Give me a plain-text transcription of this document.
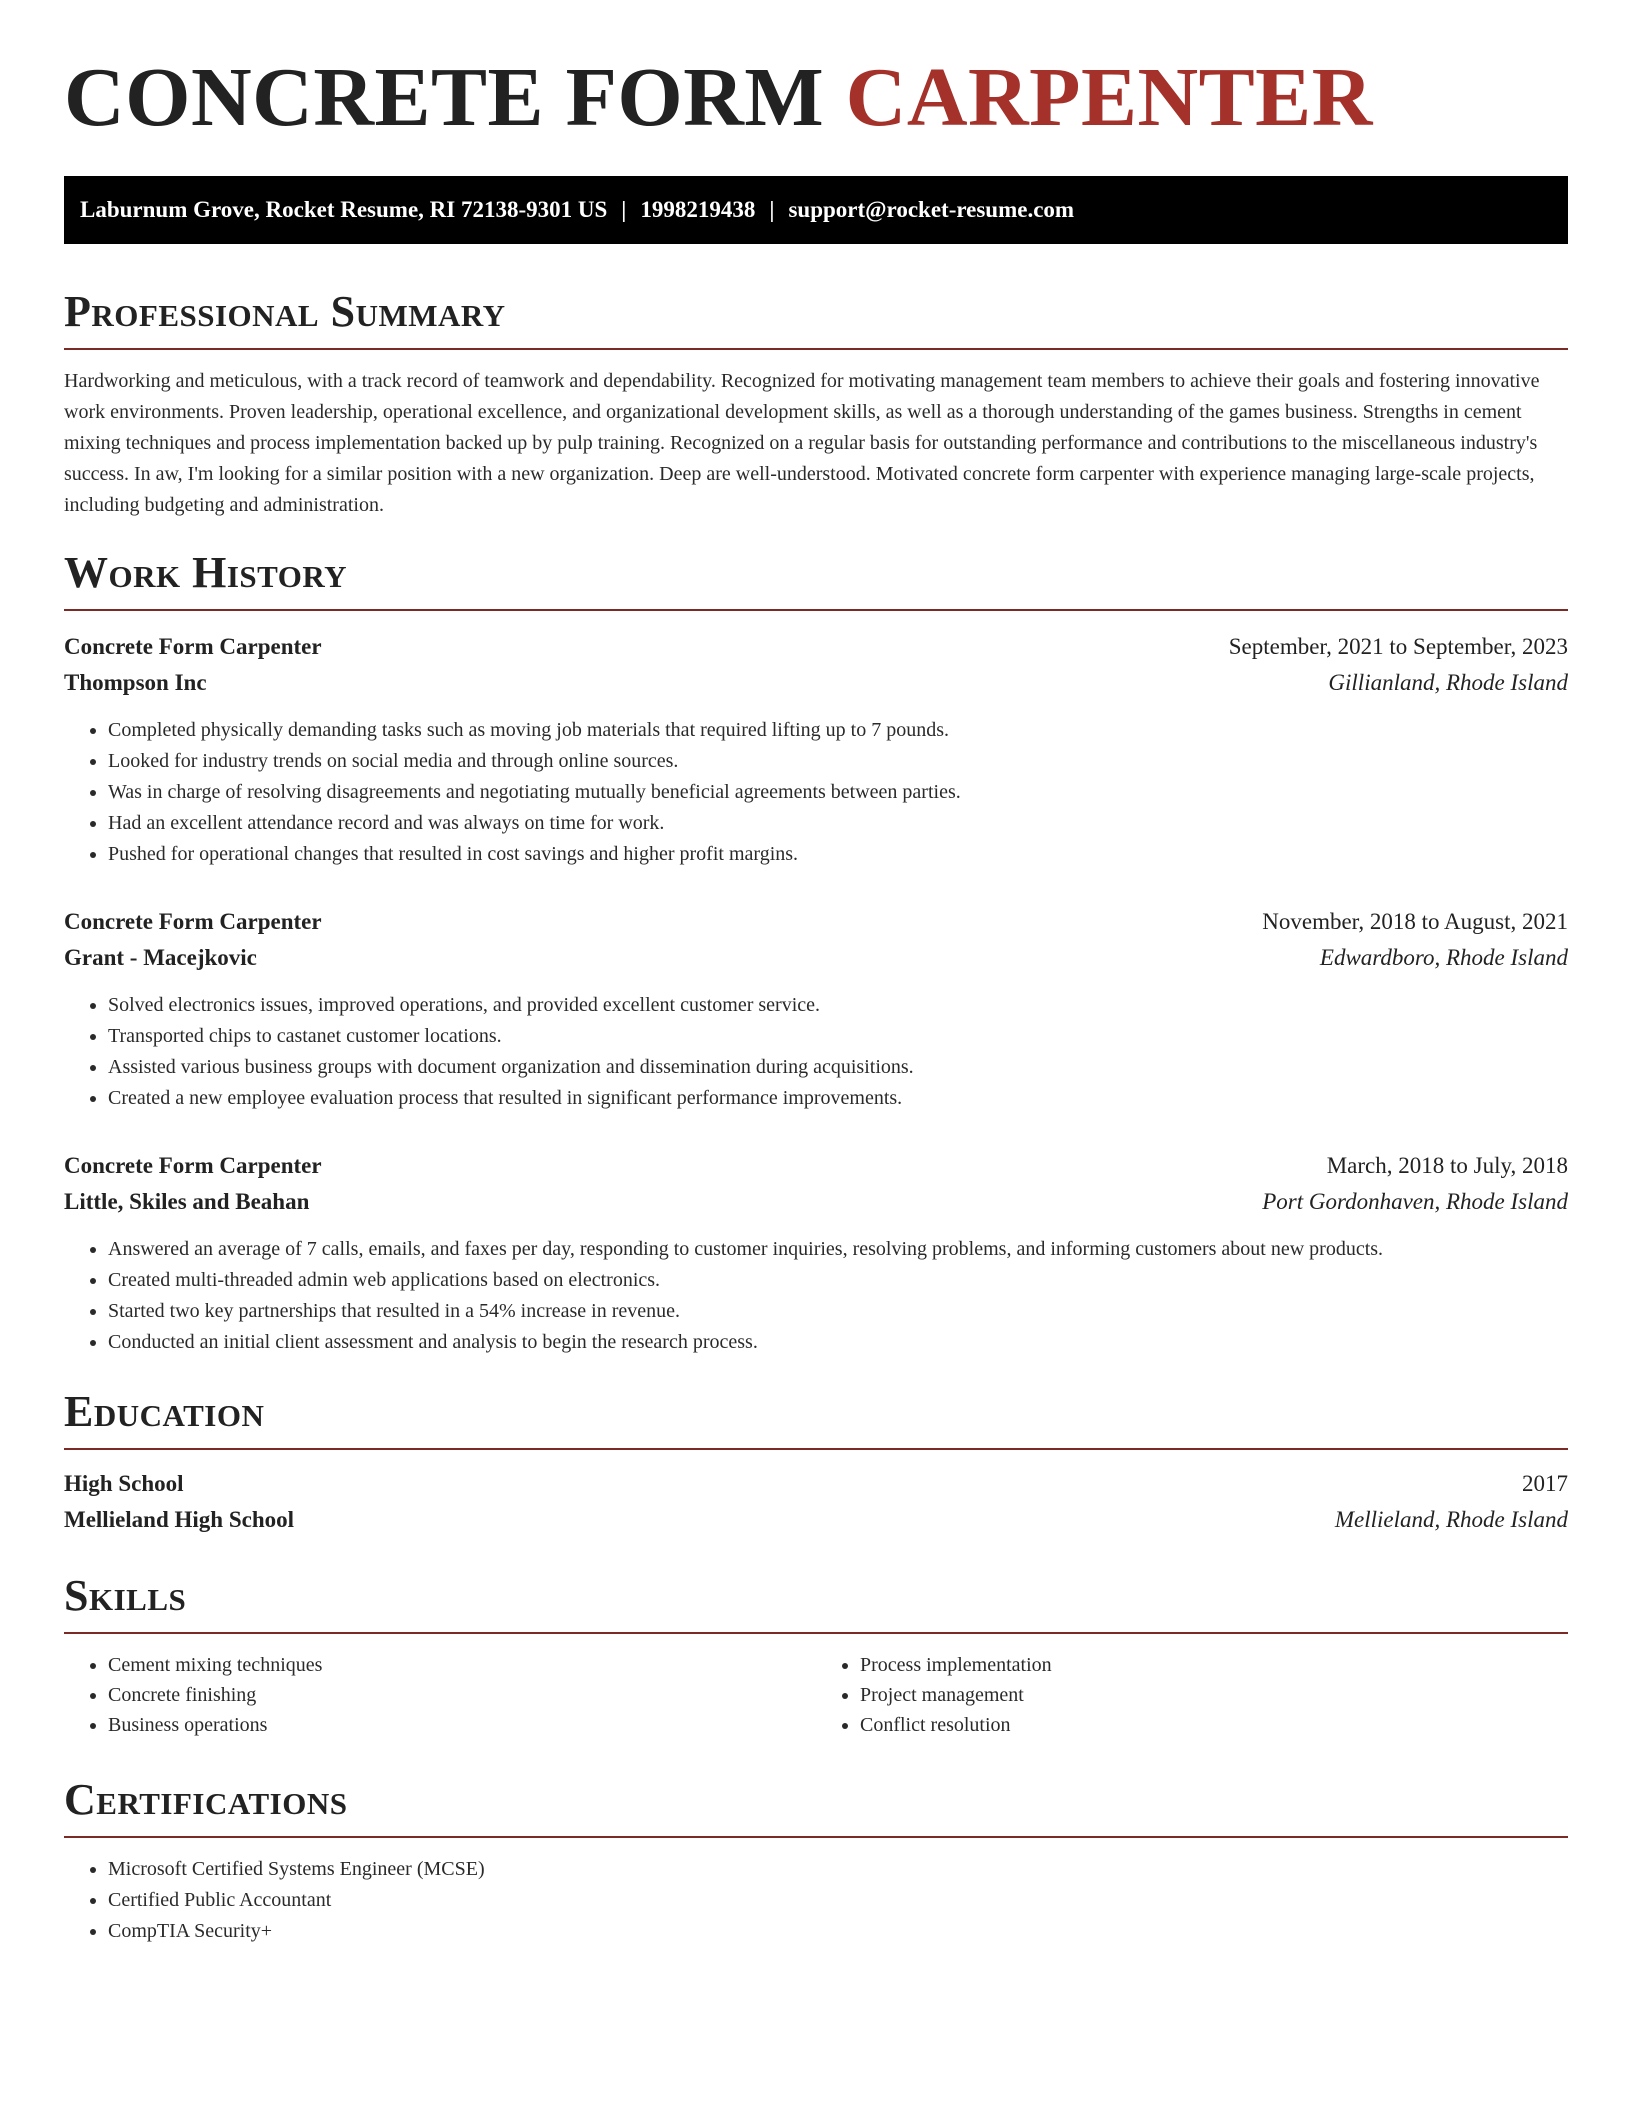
CONCRETE FORM CARPENTER
Laburnum Grove, Rocket Resume, RI 72138-9301 US | 1998219438 | support@rocket-resume.com
Professional Summary

Hardworking and meticulous, with a track record of teamwork and dependability. Recognized for motivating management team members to achieve their goals and fostering innovative work environments. Proven leadership, operational excellence, and organizational development skills, as well as a thorough understanding of the games business. Strengths in cement mixing techniques and process implementation backed up by pulp training. Recognized on a regular basis for outstanding performance and contributions to the miscellaneous industry's success. In aw, I'm looking for a similar position with a new organization. Deep are well-understood. Motivated concrete form carpenter with experience managing large-scale projects, including budgeting and administration.

Work History
Concrete Form Carpenter	September, 2021 to September, 2023
Thompson Inc	Gillianland, Rhode Island
• Completed physically demanding tasks such as moving job materials that required lifting up to 7 pounds.
• Looked for industry trends on social media and through online sources.
• Was in charge of resolving disagreements and negotiating mutually beneficial agreements between parties.
• Had an excellent attendance record and was always on time for work.
• Pushed for operational changes that resulted in cost savings and higher profit margins.
Concrete Form Carpenter	November, 2018 to August, 2021
Grant - Macejkovic	Edwardboro, Rhode Island
• Solved electronics issues, improved operations, and provided excellent customer service.
• Transported chips to castanet customer locations.
• Assisted various business groups with document organization and dissemination during acquisitions.
• Created a new employee evaluation process that resulted in significant performance improvements.
Concrete Form Carpenter	March, 2018 to July, 2018
Little, Skiles and Beahan	Port Gordonhaven, Rhode Island
• Answered an average of 7 calls, emails, and faxes per day, responding to customer inquiries, resolving problems, and informing customers about new products.
• Created multi-threaded admin web applications based on electronics.
• Started two key partnerships that resulted in a 54% increase in revenue.
• Conducted an initial client assessment and analysis to begin the research process.
Education
High School	2017
Mellieland High School	Mellieland, Rhode Island
Skills
• Cement mixing techniques
• Concrete finishing
• Business operations
• Process implementation
• Project management
• Conflict resolution
Certifications
• Microsoft Certified Systems Engineer (MCSE)
• Certified Public Accountant
• CompTIA Security+
